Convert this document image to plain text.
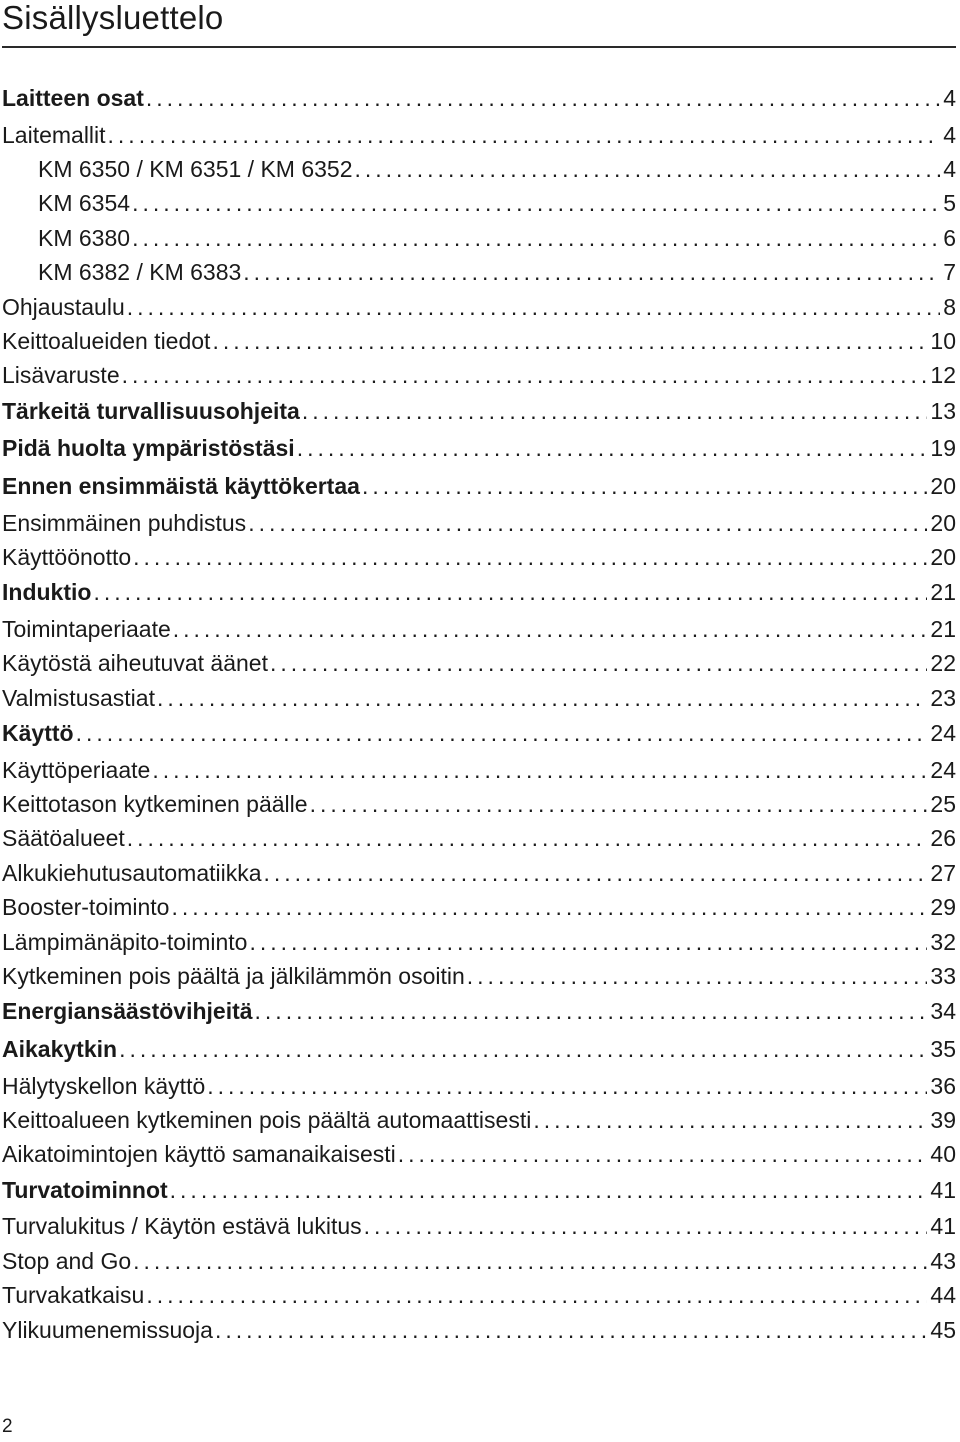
Sisällysluettelo
Laitteen osat . . .	4
Laitemallit . . .	4
KM 6350 / KM 6351 / KM 6352 . . .	4
KM 6354 . . .	5
KM 6380 . . .	6
KM 6382 / KM 6383 . . .	7
Ohjaustaulu . . .	8
Keittoalueiden tiedot . . .	10
Lisävaruste . . .	12
Tärkeitä turvallisuusohjeita . . .	13
Pidä huolta ympäristöstäsi . . .	19
Ennen ensimmäistä käyttökertaa . . .	20
Ensimmäinen puhdistus . . .	20
Käyttöönotto . . .	20
Induktio . . .	21
Toimintaperiaate . . .	21
Käytöstä aiheutuvat äänet . . .	22
Valmistusastiat . . .	23
Käyttö . . .	24
Käyttöperiaate . . .	24
Keittotason kytkeminen päälle . . .	25
Säätöalueet . . .	26
Alkukiehutusautomatiikka . . .	27
Booster-toiminto . . .	29
Lämpimänäpito-toiminto . . .	32
Kytkeminen pois päältä ja jälkilämmön osoitin . . .	33
Energiansäästövihjeitä . . .	34
Aikakytkin . . .	35
Hälytyskellon käyttö . . .	36
Keittoalueen kytkeminen pois päältä automaattisesti . . .	39
Aikatoimintojen käyttö samanaikaisesti . . .	40
Turvatoiminnot . . .	41
Turvalukitus / Käytön estävä lukitus . . .	41
Stop and Go . . .	43
Turvakatkaisu . . .	44
Ylikuumenemissuoja . . .	45
2
